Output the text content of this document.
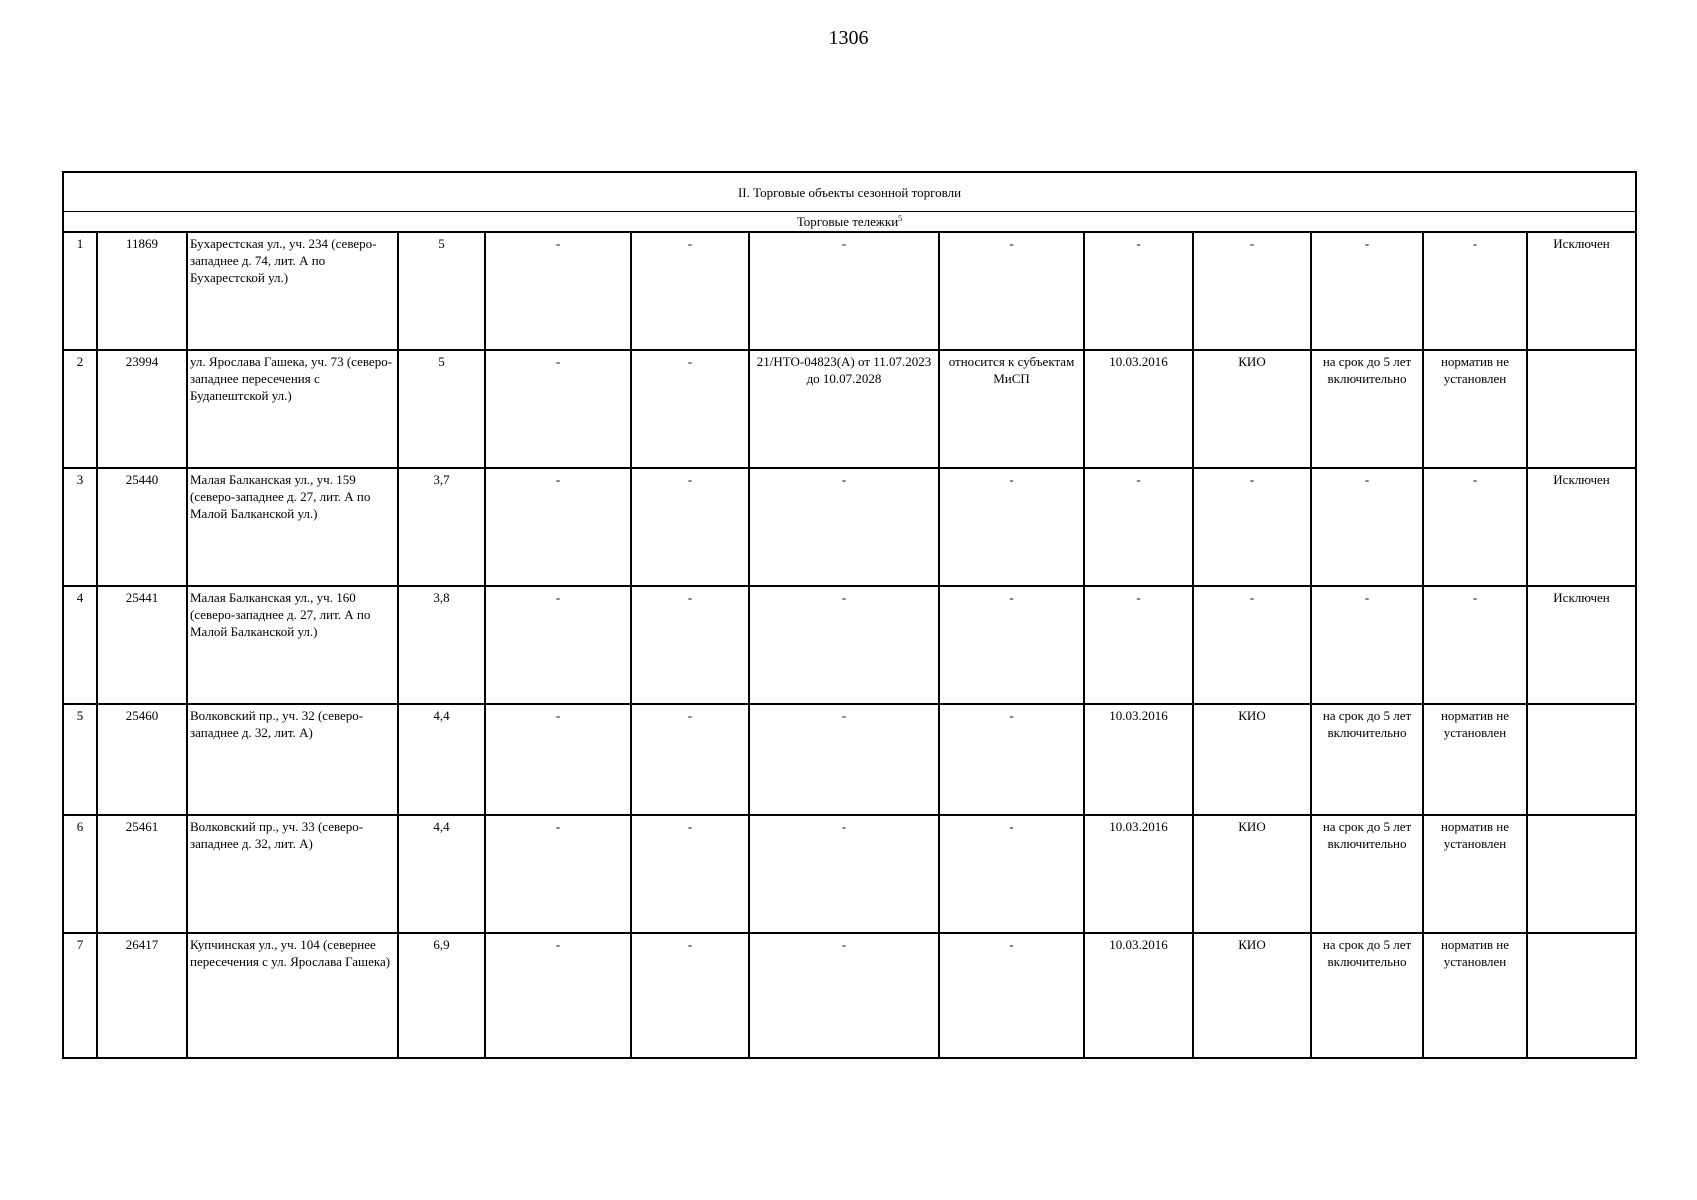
1306
II. Торговые объекты сезонной торговли												
Торговые тележки$^5$
1	11869	Бухарестская ул., уч. 234 (северо-западнее д. 74, лит. А по Бухарестской ул.)	5	-	-	-	-	-	-	-	-	Исключен
2	23994	ул. Ярослава Гашека, уч. 73 (северо-западнее пересечения с Будапештской ул.)	5	-	-	21/НТО-04823(А) от 11.07.2023 до 10.07.2028	относится к субъектам МиСП	10.03.2016	КИО	на срок до 5 лет включительно	норматив не установлен	
3	25440	Малая Балканская ул., уч. 159 (северо-западнее д. 27, лит. А по Малой Балканской ул.)	3,7	-	-	-	-	-	-	-	-	Исключен
4	25441	Малая Балканская ул., уч. 160 (северо-западнее д. 27, лит. А по Малой Балканской ул.)	3,8	-	-	-	-	-	-	-	-	Исключен
5	25460	Волковский пр., уч. 32 (северо-западнее д. 32, лит. А)	4,4	-	-	-	-	10.03.2016	КИО	на срок до 5 лет включительно	норматив не установлен	
6	25461	Волковский пр., уч. 33 (северо-западнее д. 32, лит. А)	4,4	-	-	-	-	10.03.2016	КИО	на срок до 5 лет включительно	норматив не установлен	
7	26417	Купчинская ул., уч. 104 (севернее пересечения с ул. Ярослава Гашека)	6,9	-	-	-	-	10.03.2016	КИО	на срок до 5 лет включительно	норматив не установлен	
